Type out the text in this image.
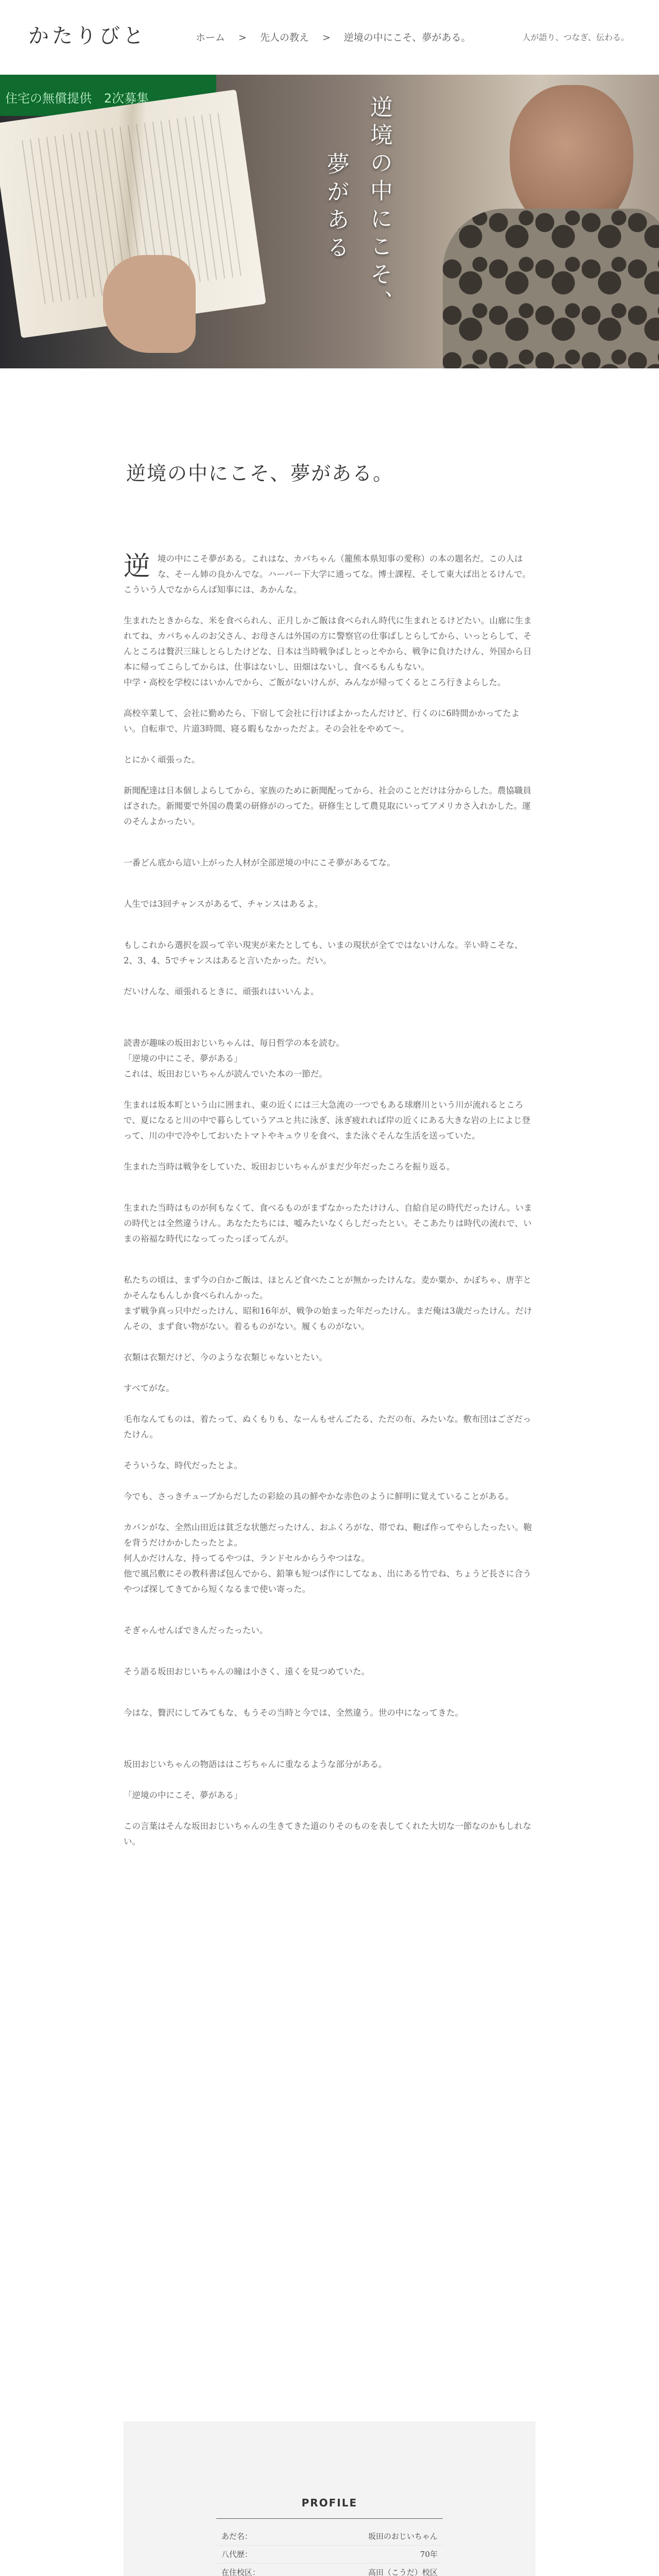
かたりびと	ホーム > 先人の教え > 逆境の中にこそ、夢がある。	人が語り、つなぎ、伝わる。
住宅の無償提供　2次募集	逆境の中にこそ、
夢がある
逆境の中にこそ、夢がある。

逆境の中にこそ夢がある。これはな、カバちゃん（籠熊本県知事の愛称）の本の題名だ。この人はな、そーん姉の良かんでな。ハーバー下大学に通ってな。博士課程、そして東大ば出とるけんで。こういう人でなからんば知事には、あかんな。

生まれたときからな、米を食べられん、正月しかご飯は食べられん時代に生まれとるけどたい。山廊に生まれてね、カバちゃんのお父さん、お母さんは外国の方に警察官の仕事ばしとらしてから、いっとらして、そんところは贅沢三昧しとらしたけどな、日本は当時戦争ばしとっとやから、戦争に負けたけん、外国から日本に帰ってこらしてからは、仕事はないし、田畑はないし、食べるもんもない。
中学・高校を学校にはいかんでから、ご飯がないけんが、みんなが帰ってくるところ行きよらした。

高校卒業して、会社に勤めたら、下宿して会社に行けばよかったんだけど、行くのに6時間かかってたよい。自転車で、片道3時間、寝る暇もなかっただよ。その会社をやめて〜。

とにかく頑張った。

新聞配達は日本個しよらしてから、家族のために新聞配ってから、社会のことだけは分からした。農協職員ばされた。新聞要で外国の農業の研修がのってた。研修生として農見取にいってアメリカさ入れかした。運のそんよかったい。

一番どん底から這い上がった人材が全部逆境の中にこそ夢があるてな。

人生では3回チャンスがあるて、チャンスはあるよ。

もしこれから選択を誤って辛い現実が来たとしても、いまの現状が全てではないけんな。辛い時こそな、2、3、4、5でチャンスはあると言いたかった。だい。

だいけんな、頑張れるときに、頑張れはいいんよ。

読書が趣味の坂田おじいちゃんは、毎日哲学の本を読む。
「逆境の中にこそ、夢がある」
これは、坂田おじいちゃんが読んでいた本の一節だ。

生まれは坂本町という山に囲まれ、東の近くには三大急流の一つでもある球磨川という川が流れるところで、夏になると川の中で暮らしていうアユと共に泳ぎ、泳ぎ疲れれば岸の近くにある大きな岩の上によじ登って、川の中で冷やしておいたトマトやキュウリを食べ、また泳ぐそんな生活を送っていた。

生まれた当時は戦争をしていた、坂田おじいちゃんがまだ少年だったころを振り返る。

生まれた当時はものが何もなくて、食べるものがまずなかったたけけん、自給自足の時代だったけん。いまの時代とは全然違うけん。あなたたちには、嘘みたいなくらしだったとい。そこあたりは時代の流れで、いまの裕福な時代になってったっぽってんが。

私たちの頃は、まず今の白かご飯は、ほとんど食べたことが無かったけんな。麦か粟か、かぼちゃ、唐芋とかそんなもんしか食べられんかった。
まず戦争真っ只中だったけん、昭和16年が、戦争の始まった年だったけん。まだ俺は3歳だったけん。だけんその、まず食い物がない。着るものがない。履くものがない。

衣類は衣類だけど、今のような衣類じゃないとたい。

すべてがな。

毛布なんてものは、着たって、ぬくもりも、なーんもせんごたる、ただの布、みたいな。敷布団はござだったけん。

そういうな、時代だったとよ。

今でも、さっきチューブからだしたの彩絵の具の鮮やかな赤色のように鮮明に覚えていることがある。

カバンがな、全然山田近は貧乏な状態だったけん、おふくろがな、帯でね、鞄ば作ってやらしたったい。鞄を背うだけかかしたったとよ。
何人かだけんな、持ってるやつは、ランドセルからうやつはな。
他で風呂敷にその教科書ば包んでから、鉛筆も短つば作にしてなぁ、出にある竹でね、ちょうど長さに合うやつば探してきてから短くなるまで使い寄った。

そぎゃんせんばできんだったったい。

そう語る坂田おじいちゃんの瞳は小さく、遠くを見つめていた。

今はな、贅沢にしてみてもな、もうその当時と今では、全然違う。世の中になってきた。

坂田おじいちゃんの物語ははこぢちゃんに重なるような部分がある。

「逆境の中にこそ、夢がある」

この言葉はそんな坂田おじいちゃんの生きてきた道のりそのものを表してくれた大切な一節なのかもしれない。

PROFILE
あだ名：	坂田のおじいちゃん
八代歴：	70年
在住校区：	高田（こうだ）校区
